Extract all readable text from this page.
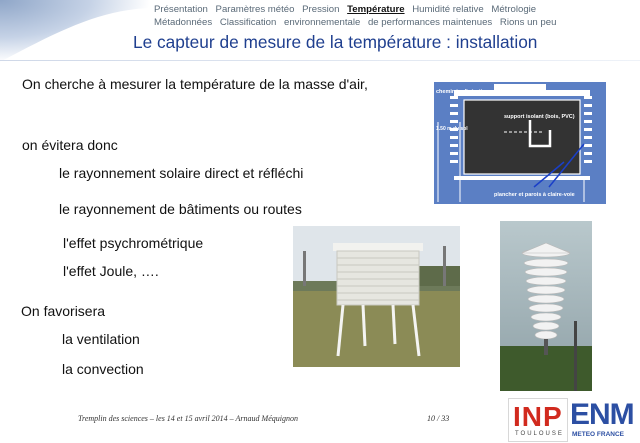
Présentation Paramètres météo Pression Température Humidité relative Métrologie
Métadonnées Classification environnementale de performances maintenues Rions un peu
Le capteur de mesure de la température : installation
On cherche à mesurer la température de la masse d'air,
on évitera donc
le rayonnement solaire direct et réfléchi
le rayonnement de bâtiments ou routes
l'effet psychrométrique
l'effet Joule, ….
On favorisera
la ventilation
la convection
cheminée d'aération
support isolant (bois, PVC)
1.50 m du sol
plancher et parois à claire-voie
Tremplin des sciences – les 14 et 15 avril 2014 – Arnaud Méquignon	10 / 33 INP
TOULOUSE
ENM
METEO FRANCE
